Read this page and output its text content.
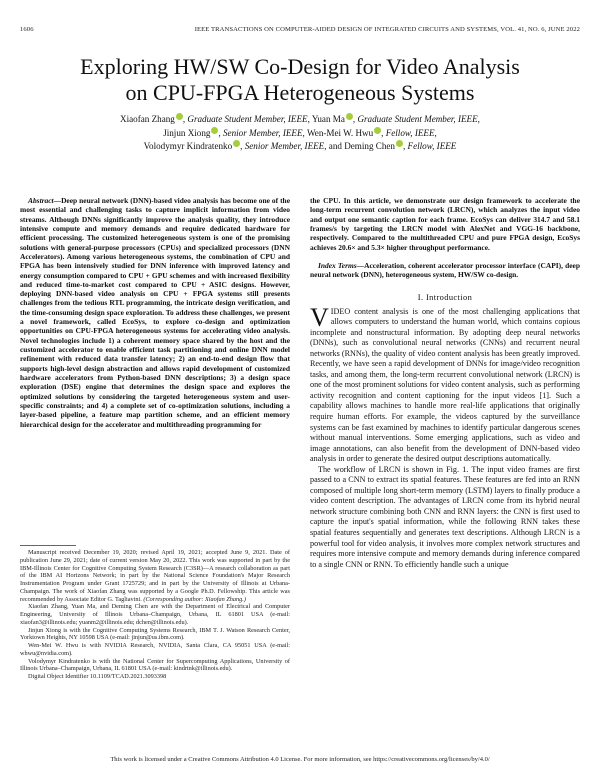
1606	IEEE TRANSACTIONS ON COMPUTER-AIDED DESIGN OF INTEGRATED CIRCUITS AND SYSTEMS, VOL. 41, NO. 6, JUNE 2022
Exploring HW/SW Co-Design for Video Analysis
on CPU-FPGA Heterogeneous Systems
Xiaofan Zhang , Graduate Student Member, IEEE, Yuan Ma , Graduate Student Member, IEEE,
Jinjun Xiong , Senior Member, IEEE, Wen-Mei W. Hwu , Fellow, IEEE,
Volodymyr Kindratenko , Senior Member, IEEE, and Deming Chen , Fellow, IEEE

Abstract—Deep neural network (DNN)-based video analysis has become one of the most essential and challenging tasks to capture implicit information from video streams. Although DNNs significantly improve the analysis quality, they introduce intensive compute and memory demands and require dedicated hardware for efficient processing. The customized heterogeneous system is one of the promising solutions with general-purpose processors (CPUs) and specialized processors (DNN Accelerators). Among various heterogeneous systems, the combination of CPU and FPGA has been intensively studied for DNN inference with improved latency and energy consumption compared to CPU + GPU schemes and with increased flexibility and reduced time-to-market cost compared to CPU + ASIC designs. However, deploying DNN-based video analysis on CPU + FPGA systems still presents challenges from the tedious RTL programming, the intricate design verification, and the time-consuming design space exploration. To address these challenges, we present a novel framework, called EcoSys, to explore co-design and optimization opportunities on CPU-FPGA heterogeneous systems for accelerating video analysis. Novel technologies include 1) a coherent memory space shared by the host and the customized accelerator to enable efficient task partitioning and online DNN model refinement with reduced data transfer latency; 2) an end-to-end design flow that supports high-level design abstraction and allows rapid development of customized hardware accelerators from Python-based DNN descriptions; 3) a design space exploration (DSE) engine that determines the design space and explores the optimized solutions by considering the targeted heterogeneous system and user-specific constraints; and 4) a complete set of co-optimization solutions, including a layer-based pipeline, a feature map partition scheme, and an efficient memory hierarchical design for the accelerator and multithreading programming for

Manuscript received December 19, 2020; revised April 19, 2021; accepted June 9, 2021. Date of publication June 29, 2021; date of current version May 20, 2022. This work was supported in part by the IBM-Illinois Center for Cognitive Computing System Research (C3SR)—A research collaboration as part of the IBM AI Horizons Network; in part by the National Science Foundation's Major Research Instrumentation Program under Grant 1725729; and in part by the University of Illinois at Urbana-Champaign. The work of Xiaofan Zhang was supported by a Google Ph.D. Fellowship. This article was recommended by Associate Editor G. Tagliavini. (Corresponding author: Xiaofan Zhang.)

Xiaofan Zhang, Yuan Ma, and Deming Chen are with the Department of Electrical and Computer Engineering, University of Illinois Urbana–Champaign, Urbana, IL 61801 USA (e-mail: xiaofan3@illinois.edu; yuanm2@illinois.edu; dchen@illinois.edu).

Jinjun Xiong is with the Cognitive Computing Systems Research, IBM T. J. Watson Research Center, Yorktown Heights, NY 10598 USA (e-mail: jinjun@us.ibm.com).

Wen-Mei W. Hwu is with NVIDIA Research, NVIDIA, Santa Clara, CA 95051 USA (e-mail: whwu@nvidia.com).

Volodymyr Kindratenko is with the National Center for Supercomputing Applications, University of Illinois Urbana–Champaign, Urbana, IL 61801 USA (e-mail: kindrtnk@illinois.edu).

Digital Object Identifier 10.1109/TCAD.2021.3093398

the CPU. In this article, we demonstrate our design framework to accelerate the long-term recurrent convolution network (LRCN), which analyzes the input video and output one semantic caption for each frame. EcoSys can deliver 314.7 and 58.1 frames/s by targeting the LRCN model with AlexNet and VGG-16 backbone, respectively. Compared to the multithreaded CPU and pure FPGA design, EcoSys achieves 20.6× and 5.3× higher throughput performance.

Index Terms—Acceleration, coherent accelerator processor interface (CAPI), deep neural network (DNN), heterogeneous system, HW/SW co-design.

I. Introduction

VIDEO content analysis is one of the most challenging applications that allows computers to understand the human world, which contains copious incomplete and nonstructural information. By adopting deep neural networks (DNNs), such as convolutional neural networks (CNNs) and recurrent neural networks (RNNs), the quality of video content analysis has been greatly improved. Recently, we have seen a rapid development of DNNs for image/video recognition tasks, and among them, the long-term recurrent convolutional network (LRCN) is one of the most prominent solutions for video content analysis, such as performing activity recognition and content captioning for the input videos [1]. Such a capability allows machines to handle more real-life applications that originally require human efforts. For example, the videos captured by the surveillance systems can be fast examined by machines to identify particular dangerous scenes without manual interventions. Some emerging applications, such as video and image annotations, can also benefit from the development of DNN-based video analysis in order to generate the desired output descriptions automatically.

The workflow of LRCN is shown in Fig. 1. The input video frames are first passed to a CNN to extract its spatial features. These features are fed into an RNN composed of multiple long short-term memory (LSTM) layers to finally produce a video content description. The advantages of LRCN come from its hybrid neural network structure combining both CNN and RNN layers: the CNN is first used to capture the input's spatial information, while the following RNN takes these spatial features sequentially and generates text descriptions. Although LRCN is a powerful tool for video analysis, it involves more complex network structures and requires more intensive compute and memory demands during inference compared to a single CNN or RNN. To efficiently handle such a unique

This work is licensed under a Creative Commons Attribution 4.0 License. For more information, see https://creativecommons.org/licenses/by/4.0/
